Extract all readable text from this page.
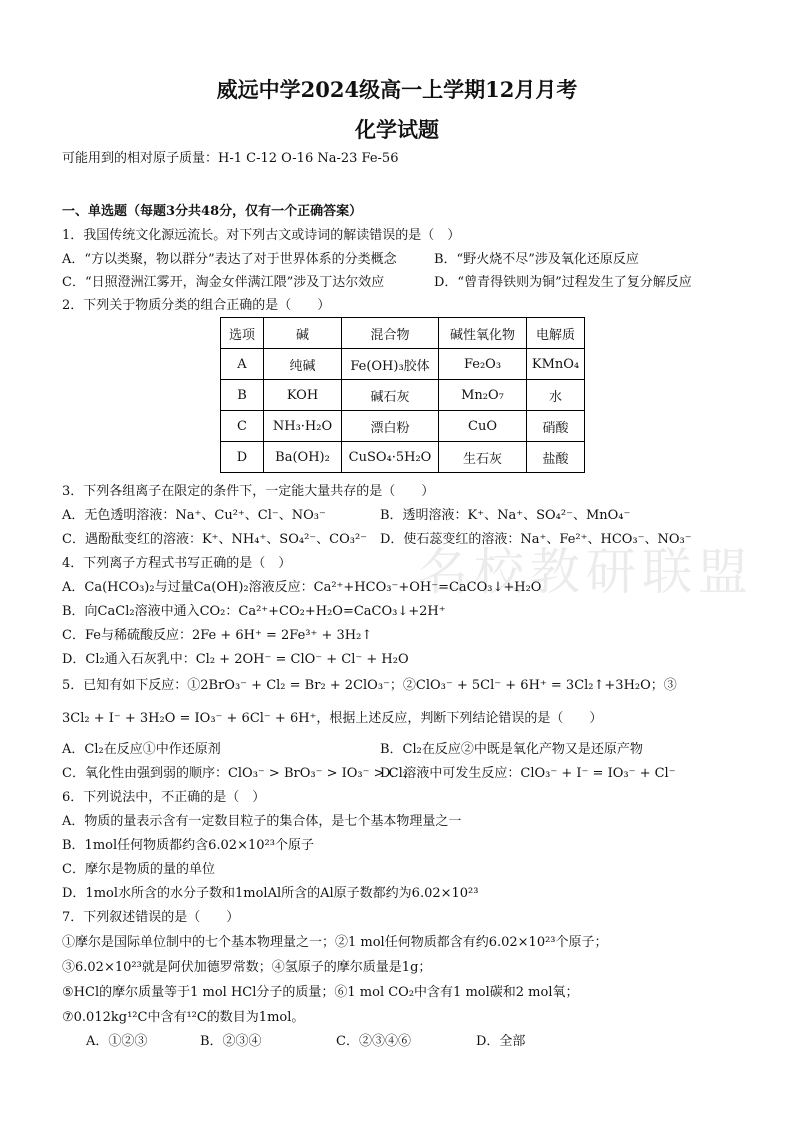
名校教研联盟
威远中学2024级高一上学期12月月考
化学试题
可能用到的相对原子质量：H-1 C-12 O-16 Na-23 Fe-56
一、单选题（每题3分共48分，仅有一个正确答案）
1．我国传统文化源远流长。对下列古文或诗词的解读错误的是（　）
A．“方以类聚，物以群分”表达了对于世界体系的分类概念	B．“野火烧不尽”涉及氧化还原反应
C．“日照澄洲江雾开，淘金女伴满江隈”涉及丁达尔效应	D．“曾青得铁则为铜”过程发生了复分解反应
2．下列关于物质分类的组合正确的是（　　）
选项	碱	混合物	碱性氧化物	电解质
A	纯碱	Fe(OH)₃胶体	Fe₂O₃	KMnO₄
B	KOH	碱石灰	Mn₂O₇	水
C	NH₃·H₂O	漂白粉	CuO	硝酸
D	Ba(OH)₂	CuSO₄·5H₂O	生石灰	盐酸
3．下列各组离子在限定的条件下，一定能大量共存的是（　　）
A．无色透明溶液：Na⁺、Cu²⁺、Cl⁻、NO₃⁻	B．透明溶液：K⁺、Na⁺、SO₄²⁻、MnO₄⁻
C．遇酚酞变红的溶液：K⁺、NH₄⁺、SO₄²⁻、CO₃²⁻ D．使石蕊变红的溶液：Na⁺、Fe²⁺、HCO₃⁻、NO₃⁻
4．下列离子方程式书写正确的是（　）
A．Ca(HCO₃)₂与过量Ca(OH)₂溶液反应：Ca²⁺+HCO₃⁻+OH⁻=CaCO₃↓+H₂O
B．向CaCl₂溶液中通入CO₂：Ca²⁺+CO₂+H₂O=CaCO₃↓+2H⁺
C．Fe与稀硫酸反应：2Fe + 6H⁺ = 2Fe³⁺ + 3H₂↑
D．Cl₂通入石灰乳中：Cl₂ + 2OH⁻ = ClO⁻ + Cl⁻ + H₂O
5．已知有如下反应：①2BrO₃⁻ + Cl₂ = Br₂ + 2ClO₃⁻；②ClO₃⁻ + 5Cl⁻ + 6H⁺ = 3Cl₂↑+3H₂O；③
3Cl₂ + I⁻ + 3H₂O = IO₃⁻ + 6Cl⁻ + 6H⁺，根据上述反应，判断下列结论错误的是（　　）
A．Cl₂在反应①中作还原剂	B．Cl₂在反应②中既是氧化产物又是还原产物
C．氧化性由强到弱的顺序：ClO₃⁻ > BrO₃⁻ > IO₃⁻ > Cl₂
D．溶液中可发生反应：ClO₃⁻ + I⁻ = IO₃⁻ + Cl⁻
6．下列说法中，不正确的是（　）
A．物质的量表示含有一定数目粒子的集合体，是七个基本物理量之一
B．1mol任何物质都约含6.02×10²³个原子
C．摩尔是物质的量的单位
D．1mol水所含的水分子数和1molAl所含的Al原子数都约为6.02×10²³
7．下列叙述错误的是（　　）
①摩尔是国际单位制中的七个基本物理量之一；②1 mol任何物质都含有约6.02×10²³个原子；
③6.02×10²³就是阿伏加德罗常数；④氢原子的摩尔质量是1g；
⑤HCl的摩尔质量等于1 mol HCl分子的质量；⑥1 mol CO₂中含有1 mol碳和2 mol氧；
⑦0.012kg¹²C中含有¹²C的数目为1mol。
A．①②③	B．②③④	C．②③④⑥	D．全部
